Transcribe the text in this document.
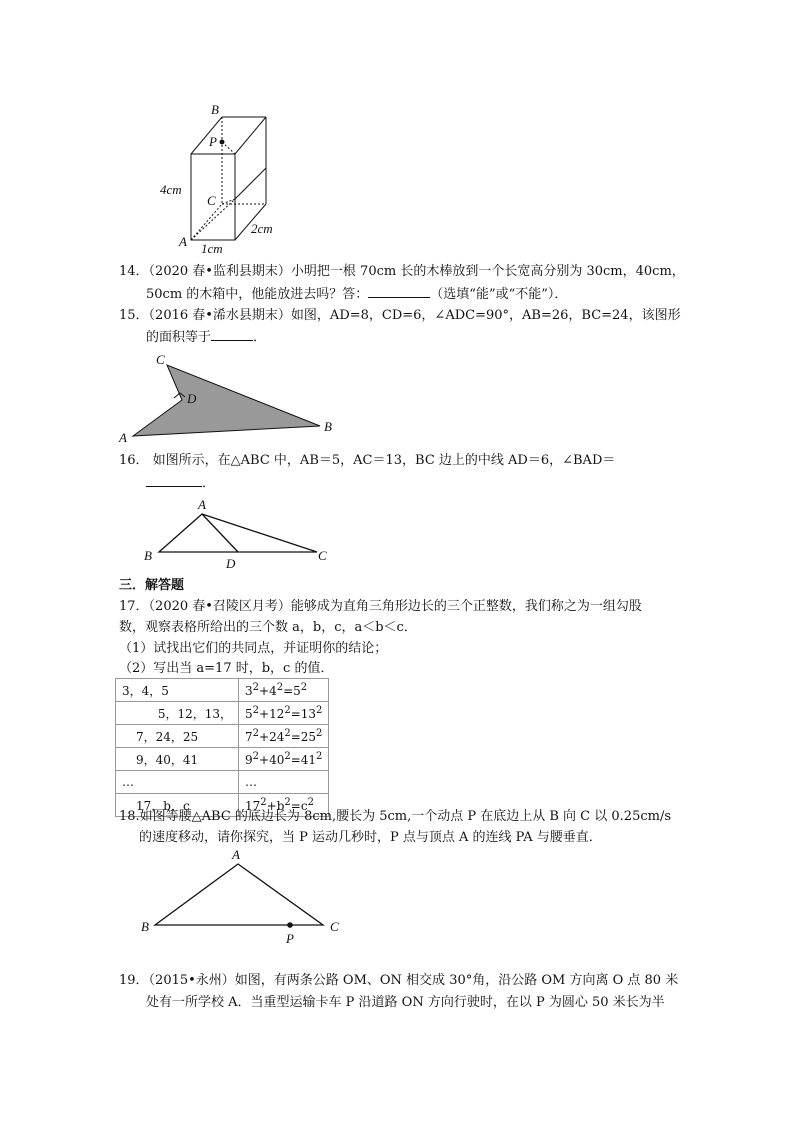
B
P
C
A
4cm
1cm
2cm
14．（2020 春•监利县期末）小明把一根 70cm 长的木棒放到一个长宽高分别为 30cm，40cm，
50cm 的木箱中，他能放进去吗？答：	（选填“能”或“不能”）．
15．（2016 春•浠水县期末）如图，AD=8，CD=6，∠ADC=90°，AB=26，BC=24，该图形
的面积等于	．
C
D
A
B
16． 如图所示，在△ABC 中，AB＝5，AC＝13，BC 边上的中线 AD＝6，∠BAD＝
．
A
B
D
C
三．解答题
17．（2020 春•召陵区月考）能够成为直角三角形边长的三个正整数，我们称之为一组勾股
数，观察表格所给出的三个数 a，b，c，a＜b＜c．
（1）试找出它们的共同点，并证明你的结论；
（2）写出当 a=17 时，b，c 的值．
3，4，5	$3^2+4^2=5^2$
5，12，13，	$5^2+12^2=13^2$
7，24，25	$7^2+24^2=25^2$
9，40，41	$9^2+40^2=41^2$
…	…
17，b，c	$17^2+b^2=c^2$
18.如图等腰△ABC 的底边长为 8cm,腰长为 5cm,一个动点 P 在底边上从 B 向 C 以 0.25cm/s
的速度移动，请你探究，当 P 运动几秒时，P 点与顶点 A 的连线 PA 与腰垂直．
A
B	C
P
19．（2015•永州）如图，有两条公路 OM、ON 相交成 30°角，沿公路 OM 方向离 O 点 80 米
处有一所学校 A．当重型运输卡车 P 沿道路 ON 方向行驶时，在以 P 为圆心 50 米长为半
